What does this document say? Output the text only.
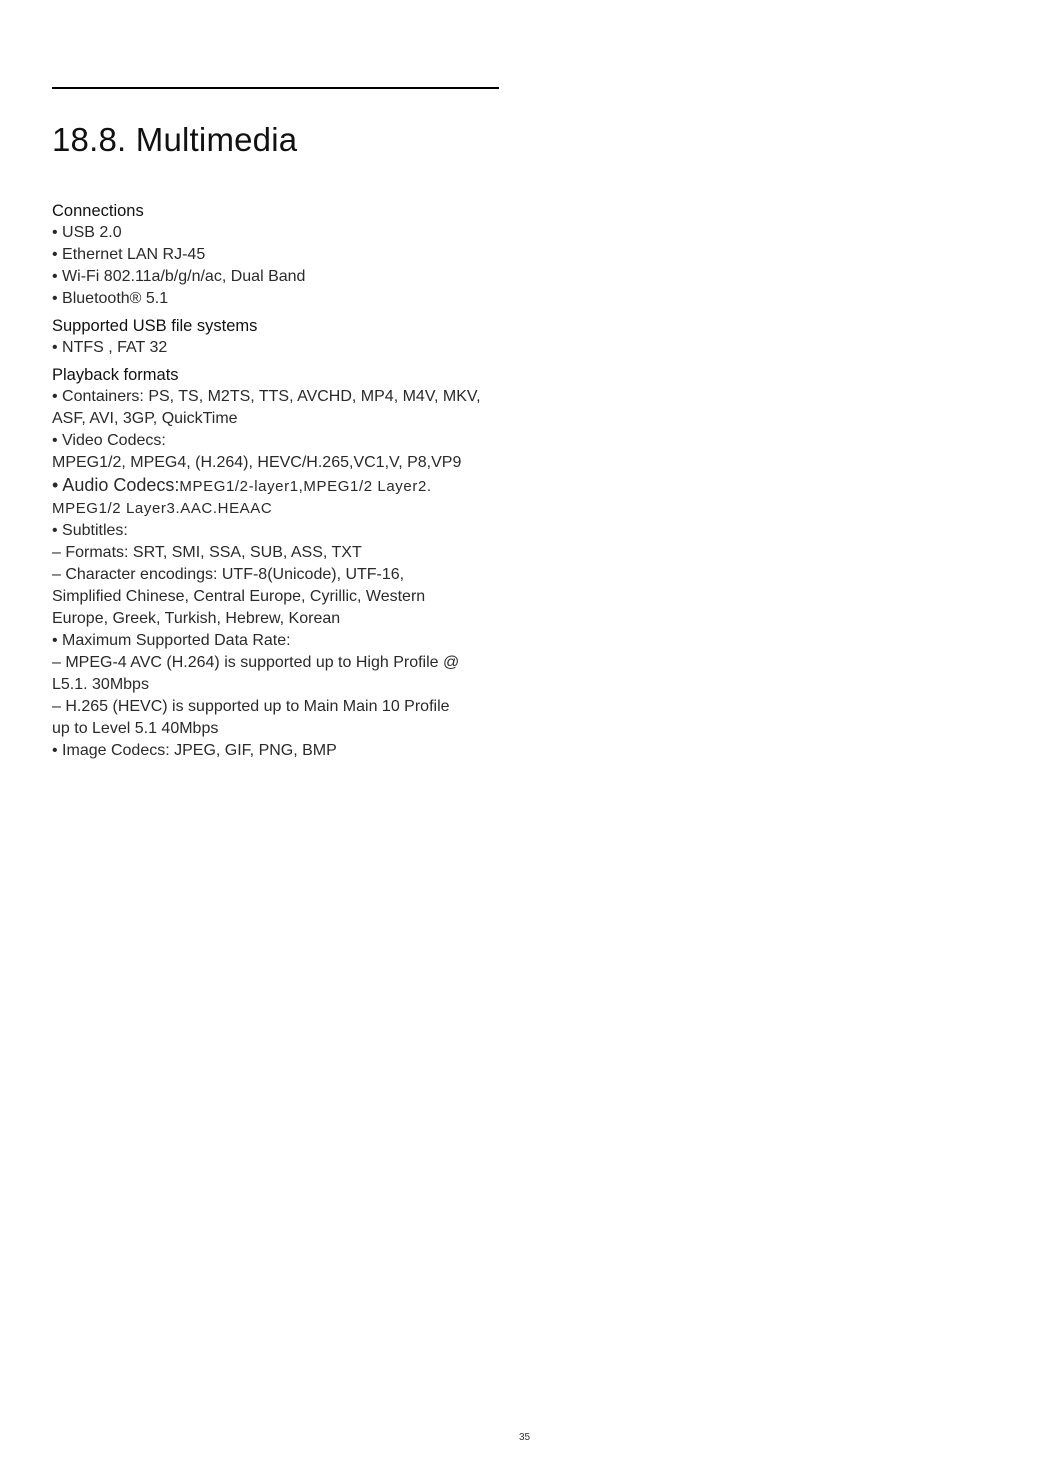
18.8. Multimedia

Connections

• USB 2.0

• Ethernet LAN RJ-45

• Wi-Fi 802.11a/b/g/n/ac, Dual Band

• Bluetooth® 5.1

Supported USB file systems

• NTFS , FAT 32

Playback formats

• Containers: PS, TS, M2TS, TTS, AVCHD, MP4, M4V, MKV,

ASF, AVI, 3GP, QuickTime

• Video Codecs:

MPEG1/2, MPEG4, (H.264), HEVC/H.265,VC1,V, P8,VP9

• Audio Codecs:MPEG1/2-layer1,MPEG1/2 Layer2.

MPEG1/2 Layer3.AAC.HEAAC

• Subtitles:

– Formats: SRT, SMI, SSA, SUB, ASS, TXT

– Character encodings: UTF-8(Unicode), UTF-16,

Simplified Chinese, Central Europe, Cyrillic, Western

Europe, Greek, Turkish, Hebrew, Korean

• Maximum Supported Data Rate:

– MPEG-4 AVC (H.264) is supported up to High Profile @

L5.1. 30Mbps

– H.265 (HEVC) is supported up to Main Main 10 Profile

up to Level 5.1 40Mbps

• Image Codecs: JPEG, GIF, PNG, BMP

35
